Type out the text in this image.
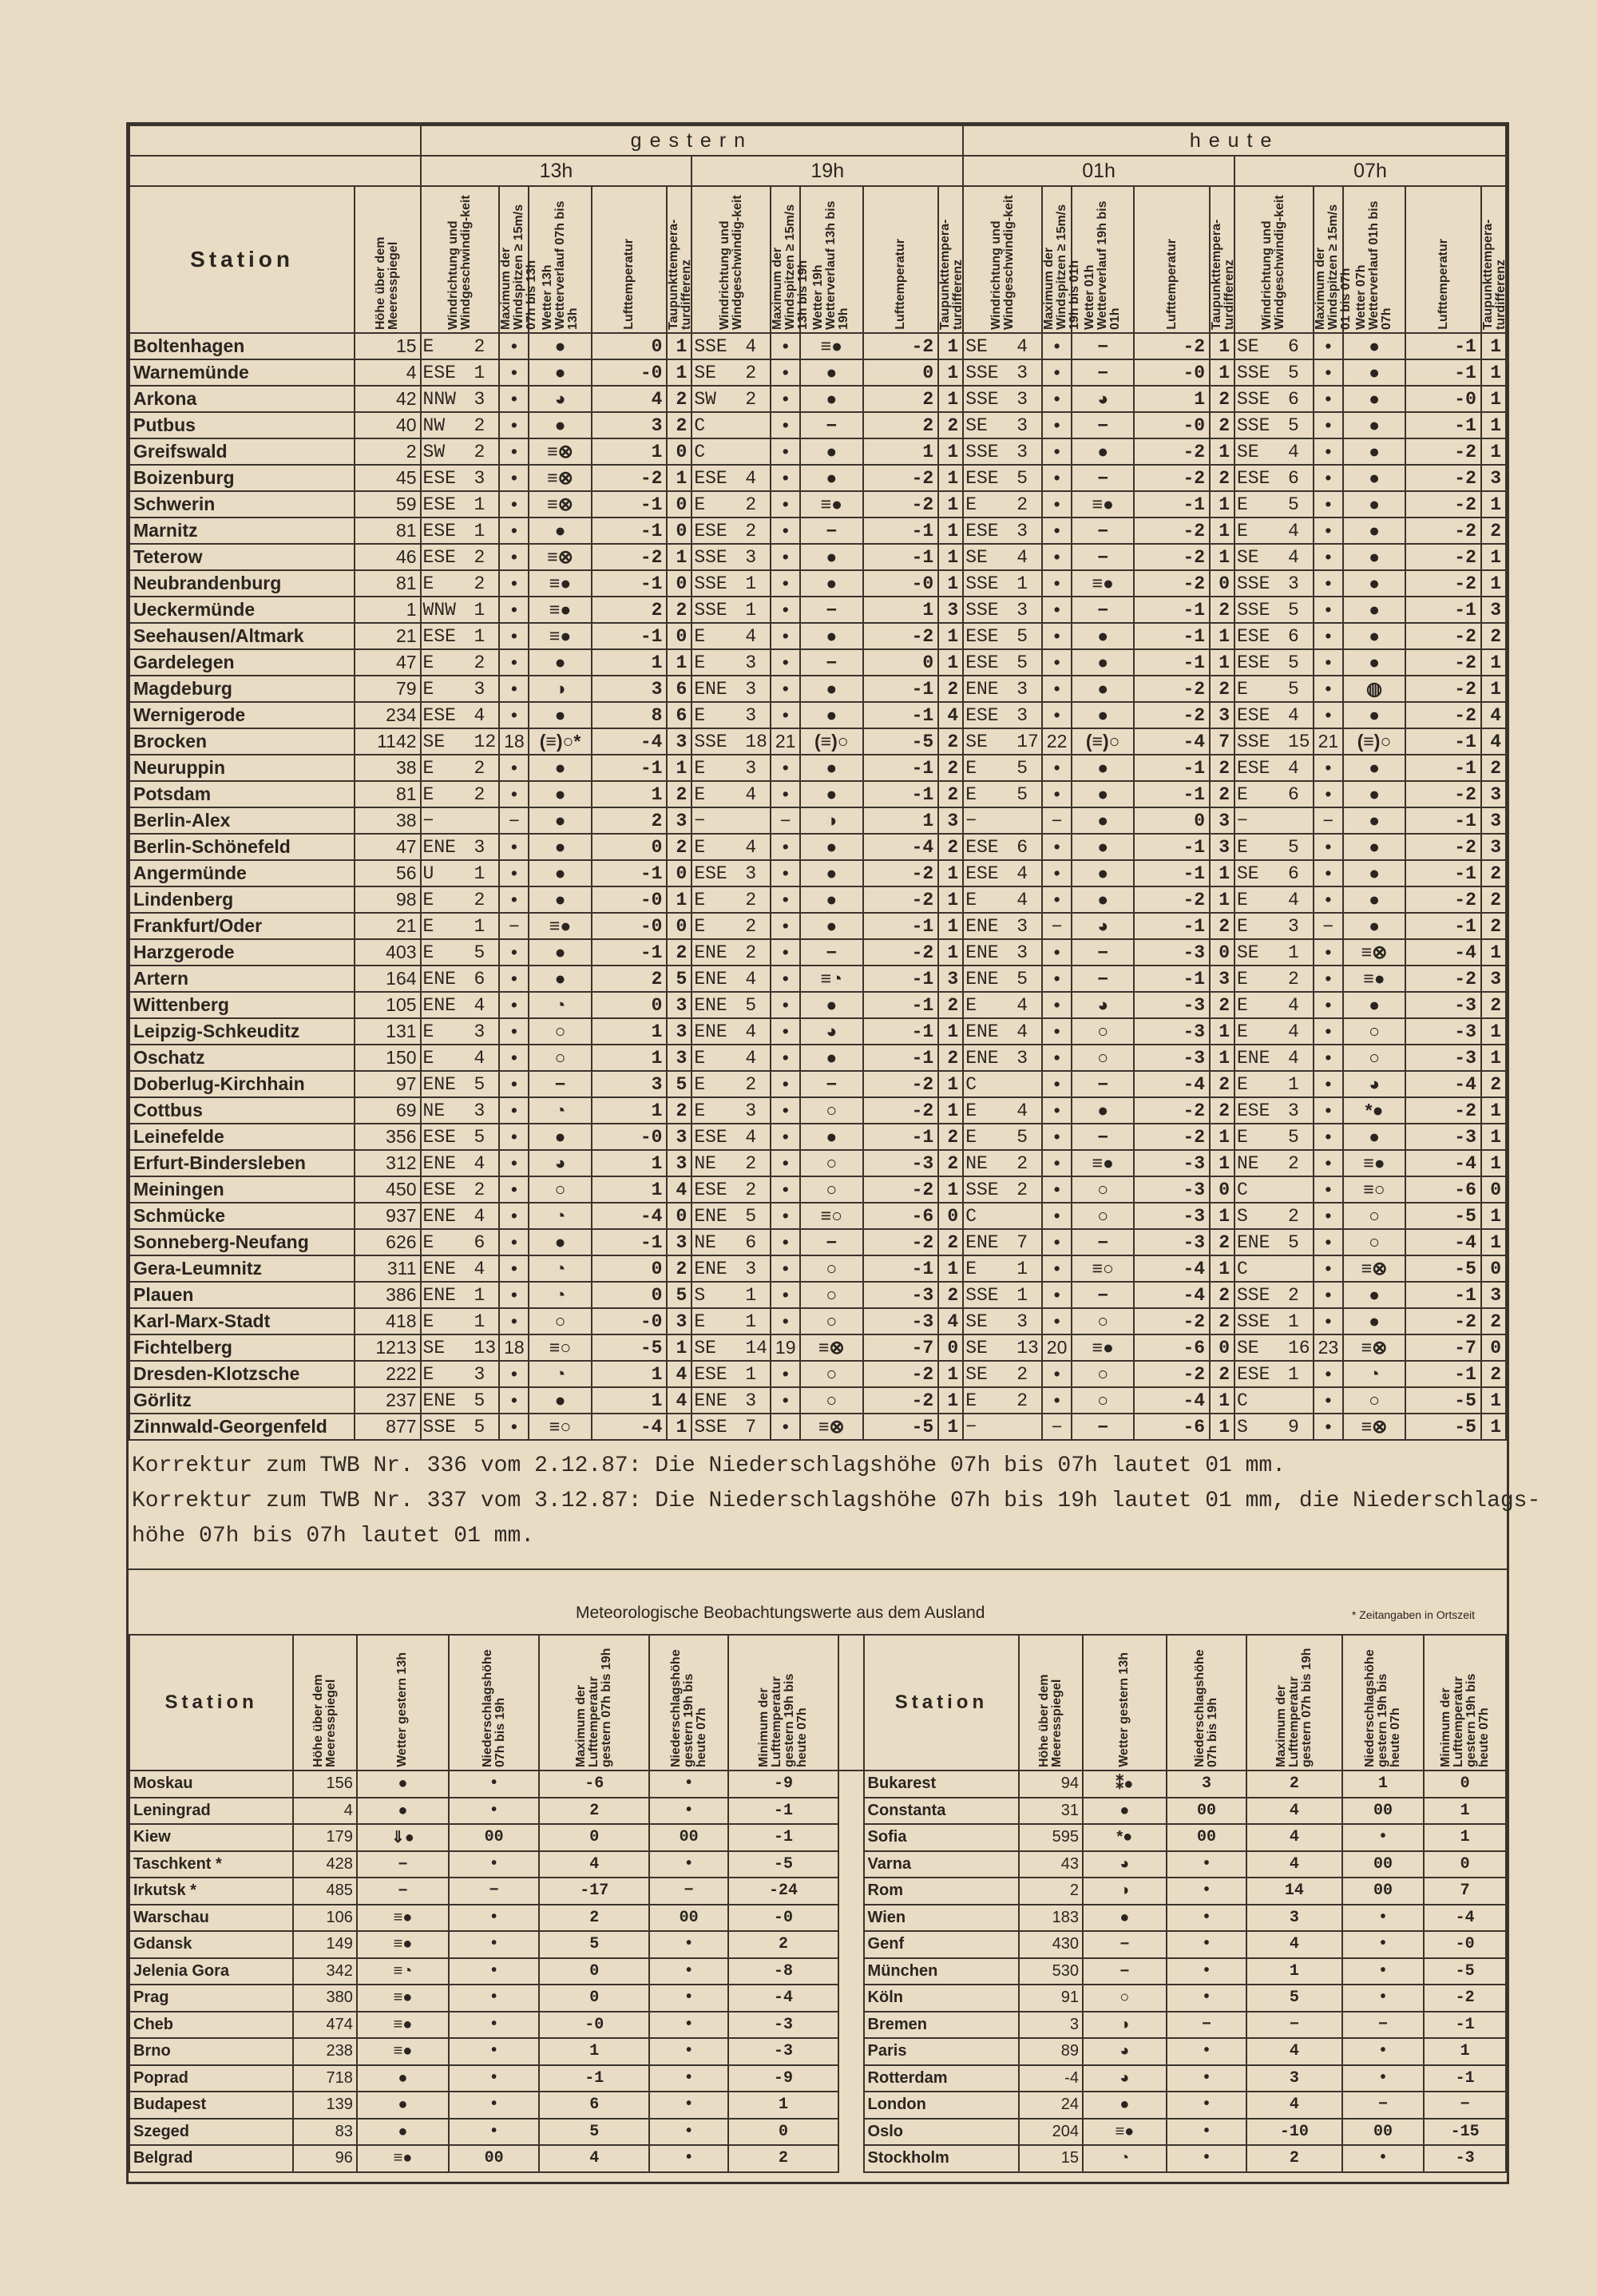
		gestern										heute									
		13h					19h					01h					07h				
Station	Höhe über dem Meeresspiegel	Windrichtung und Windgeschwindig-keit	Maximum der Windspitzen ≥ 15m/s 07h bis 13h	Wetter 13h Wetterverlauf 07h bis 13h	Lufttemperatur	Taupunkttempera-turdifferenz	Windrichtung und Windgeschwindig-keit	Maximum der Windspitzen ≥ 15m/s 13h bis 19h	Wetter 19h Wetterverlauf 13h bis 19h	Lufttemperatur	Taupunkttempera-turdifferenz	Windrichtung und Windgeschwindig-keit	Maximum der Windspitzen ≥ 15m/s 19h bis 01h	Wetter 01h Wetterverlauf 19h bis 01h	Lufttemperatur	Taupunkttempera-turdifferenz	Windrichtung und Windgeschwindig-keit	Maximum der Windspitzen ≥ 15m/s 01 bis 07h	Wetter 07h Wetterverlauf 01h bis 07h	Lufttemperatur	Taupunkttempera-turdifferenz

Boltenhagen	15	E 2	•	●	0	1	SSE 4	•	≡●	-2	1	SE 4	•	−	-2	1	SE 6	•	●	-1	1
Warnemünde	4	ESE 1	•	●	-0	1	SE 2	•	●	0	1	SSE 3	•	−	-0	1	SSE 5	•	●	-1	1
Arkona	42	NNW 3	•	◕	4	2	SW 2	•	●	2	1	SSE 3	•	◕	1	2	SSE 6	•	●	-0	1
Putbus	40	NW 2	•	●	3	2	C	•	−	2	2	SE 3	•	−	-0	2	SSE 5	•	●	-1	1
Greifswald	2	SW 2	•	≡⊗	1	0	C	•	●	1	1	SSE 3	•	●	-2	1	SE 4	•	●	-2	1
Boizenburg	45	ESE 3	•	≡⊗	-2	1	ESE 4	•	●	-2	1	ESE 5	•	−	-2	2	ESE 6	•	●	-2	3
Schwerin	59	ESE 1	•	≡⊗	-1	0	E 2	•	≡●	-2	1	E 2	•	≡●	-1	1	E 5	•	●	-2	1
Marnitz	81	ESE 1	•	●	-1	0	ESE 2	•	−	-1	1	ESE 3	•	−	-2	1	E 4	•	●	-2	2
Teterow	46	ESE 2	•	≡⊗	-2	1	SSE 3	•	●	-1	1	SE 4	•	−	-2	1	SE 4	•	●	-2	1
Neubrandenburg	81	E 2	•	≡●	-1	0	SSE 1	•	●	-0	1	SSE 1	•	≡●	-2	0	SSE 3	•	●	-2	1
Ueckermünde	1	WNW 1	•	≡●	2	2	SSE 1	•	−	1	3	SSE 3	•	−	-1	2	SSE 5	•	●	-1	3
Seehausen/Altmark	21	ESE 1	•	≡●	-1	0	E 4	•	●	-2	1	ESE 5	•	●	-1	1	ESE 6	•	●	-2	2
Gardelegen	47	E 2	•	●	1	1	E 3	•	−	0	1	ESE 5	•	●	-1	1	ESE 5	•	●	-2	1
Magdeburg	79	E 3	•	◑	3	6	ENE 3	•	●	-1	2	ENE 3	•	●	-2	2	E 5	•	◍	-2	1
Wernigerode	234	ESE 4	•	●	8	6	E 3	•	●	-1	4	ESE 3	•	●	-2	3	ESE 4	•	●	-2	4
Brocken	1142	SE 12	18	(≡)○*	-4	3	SSE 18	21	(≡)○	-5	2	SE 17	22	(≡)○	-4	7	SSE 15	21	(≡)○	-1	4
Neuruppin	38	E 2	•	●	-1	1	E 3	•	●	-1	2	E 5	•	●	-1	2	ESE 4	•	●	-1	2
Potsdam	81	E 2	•	●	1	2	E 4	•	●	-1	2	E 5	•	●	-1	2	E 6	•	●	-2	3
Berlin-Alex	38	−	−	●	2	3	−	−	◑	1	3	−	−	●	0	3	−	−	●	-1	3
Berlin-Schönefeld	47	ENE 3	•	●	0	2	E 4	•	●	-4	2	ESE 6	•	●	-1	3	E 5	•	●	-2	3
Angermünde	56	U 1	•	●	-1	0	ESE 3	•	●	-2	1	ESE 4	•	●	-1	1	SE 6	•	●	-1	2
Lindenberg	98	E 2	•	●	-0	1	E 2	•	●	-2	1	E 4	•	●	-2	1	E 4	•	●	-2	2
Frankfurt/Oder	21	E 1	−	≡●	-0	0	E 2	•	●	-1	1	ENE 3	−	◕	-1	2	E 3	−	●	-1	2
Harzgerode	403	E 5	•	●	-1	2	ENE 2	•	−	-2	1	ENE 3	•	−	-3	0	SE 1	•	≡⊗	-4	1
Artern	164	ENE 6	•	●	2	5	ENE 4	•	≡◔	-1	3	ENE 5	•	−	-1	3	E 2	•	≡●	-2	3
Wittenberg	105	ENE 4	•	◔	0	3	ENE 5	•	●	-1	2	E 4	•	◕	-3	2	E 4	•	●	-3	2
Leipzig-Schkeuditz	131	E 3	•	○	1	3	ENE 4	•	◕	-1	1	ENE 4	•	○	-3	1	E 4	•	○	-3	1
Oschatz	150	E 4	•	○	1	3	E 4	•	●	-1	2	ENE 3	•	○	-3	1	ENE 4	•	○	-3	1
Doberlug-Kirchhain	97	ENE 5	•	−	3	5	E 2	•	−	-2	1	C	•	−	-4	2	E 1	•	◕	-4	2
Cottbus	69	NE 3	•	◔	1	2	E 3	•	○	-2	1	E 4	•	●	-2	2	ESE 3	•	*●	-2	1
Leinefelde	356	ESE 5	•	●	-0	3	ESE 4	•	●	-1	2	E 5	•	−	-2	1	E 5	•	●	-3	1
Erfurt-Bindersleben	312	ENE 4	•	◕	1	3	NE 2	•	○	-3	2	NE 2	•	≡●	-3	1	NE 2	•	≡●	-4	1
Meiningen	450	ESE 2	•	○	1	4	ESE 2	•	○	-2	1	SSE 2	•	○	-3	0	C	•	≡○	-6	0
Schmücke	937	ENE 4	•	◔	-4	0	ENE 5	•	≡○	-6	0	C	•	○	-3	1	S 2	•	○	-5	1
Sonneberg-Neufang	626	E 6	•	●	-1	3	NE 6	•	−	-2	2	ENE 7	•	−	-3	2	ENE 5	•	○	-4	1
Gera-Leumnitz	311	ENE 4	•	◔	0	2	ENE 3	•	○	-1	1	E 1	•	≡○	-4	1	C	•	≡⊗	-5	0
Plauen	386	ENE 1	•	◔	0	5	S 1	•	○	-3	2	SSE 1	•	−	-4	2	SSE 2	•	●	-1	3
Karl-Marx-Stadt	418	E 1	•	○	-0	3	E 1	•	○	-3	4	SE 3	•	○	-2	2	SSE 1	•	●	-2	2
Fichtelberg	1213	SE 13	18	≡○	-5	1	SE 14	19	≡⊗	-7	0	SE 13	20	≡●	-6	0	SE 16	23	≡⊗	-7	0
Dresden-Klotzsche	222	E 3	•	◔	1	4	ESE 1	•	○	-2	1	SE 2	•	○	-2	2	ESE 1	•	◔	-1	2
Görlitz	237	ENE 5	•	●	1	4	ENE 3	•	○	-2	1	E 2	•	○	-4	1	C	•	○	-5	1
Zinnwald-Georgenfeld	877	SSE 5	•	≡○	-4	1	SSE 7	•	≡⊗	-5	1	−	−	−	-6	1	S 9	•	≡⊗	-5	1
Korrektur zum TWB Nr. 336 vom 2.12.87: Die Niederschlagshöhe 07h bis 07h lautet 01 mm.
Korrektur zum TWB Nr. 337 vom 3.12.87: Die Niederschlagshöhe 07h bis 19h lautet 01 mm, die Niederschlags-
höhe 07h bis 07h lautet 01 mm.
Meteorologische Beobachtungswerte aus dem Ausland	* Zeitangaben in Ortszeit
Station	Höhe über dem Meeresspiegel	Wetter gestern 13h	Niederschlagshöhe 07h bis 19h	Maximum der Lufttemperatur gestern 07h bis 19h	Niederschlagshöhe gestern 19h bis heute 07h	Minimum der Lufttemperatur gestern 19h bis heute 07h		Station	Höhe über dem Meeresspiegel	Wetter gestern 13h	Niederschlagshöhe 07h bis 19h	Maximum der Lufttemperatur gestern 07h bis 19h	Niederschlagshöhe gestern 19h bis heute 07h	Minimum der Lufttemperatur gestern 19h bis heute 07h

Moskau	156	●	•	-6	•	-9		Bukarest	94	⁑●	3	2	1	0
Leningrad	4	●	•	2	•	-1		Constanta	31	●	00	4	00	1
Kiew	179	⇓●	00	0	00	-1		Sofia	595	*●	00	4	•	1
Taschkent *	428	−	•	4	•	-5		Varna	43	◕	•	4	00	0
Irkutsk *	485	−	−	-17	−	-24		Rom	2	◑	•	14	00	7
Warschau	106	≡●	•	2	00	-0		Wien	183	●	•	3	•	-4
Gdansk	149	≡●	•	5	•	2		Genf	430	−	•	4	•	-0
Jelenia Gora	342	≡◔	•	0	•	-8		München	530	−	•	1	•	-5
Prag	380	≡●	•	0	•	-4		Köln	91	○	•	5	•	-2
Cheb	474	≡●	•	-0	•	-3		Bremen	3	◑	−	−	−	-1
Brno	238	≡●	•	1	•	-3		Paris	89	◕	•	4	•	1
Poprad	718	●	•	-1	•	-9		Rotterdam	-4	◕	•	3	•	-1
Budapest	139	●	•	6	•	1		London	24	●	•	4	−	−
Szeged	83	●	•	5	•	0		Oslo	204	≡●	•	-10	00	-15
Belgrad	96	≡●	00	4	•	2		Stockholm	15	◔	•	2	•	-3
